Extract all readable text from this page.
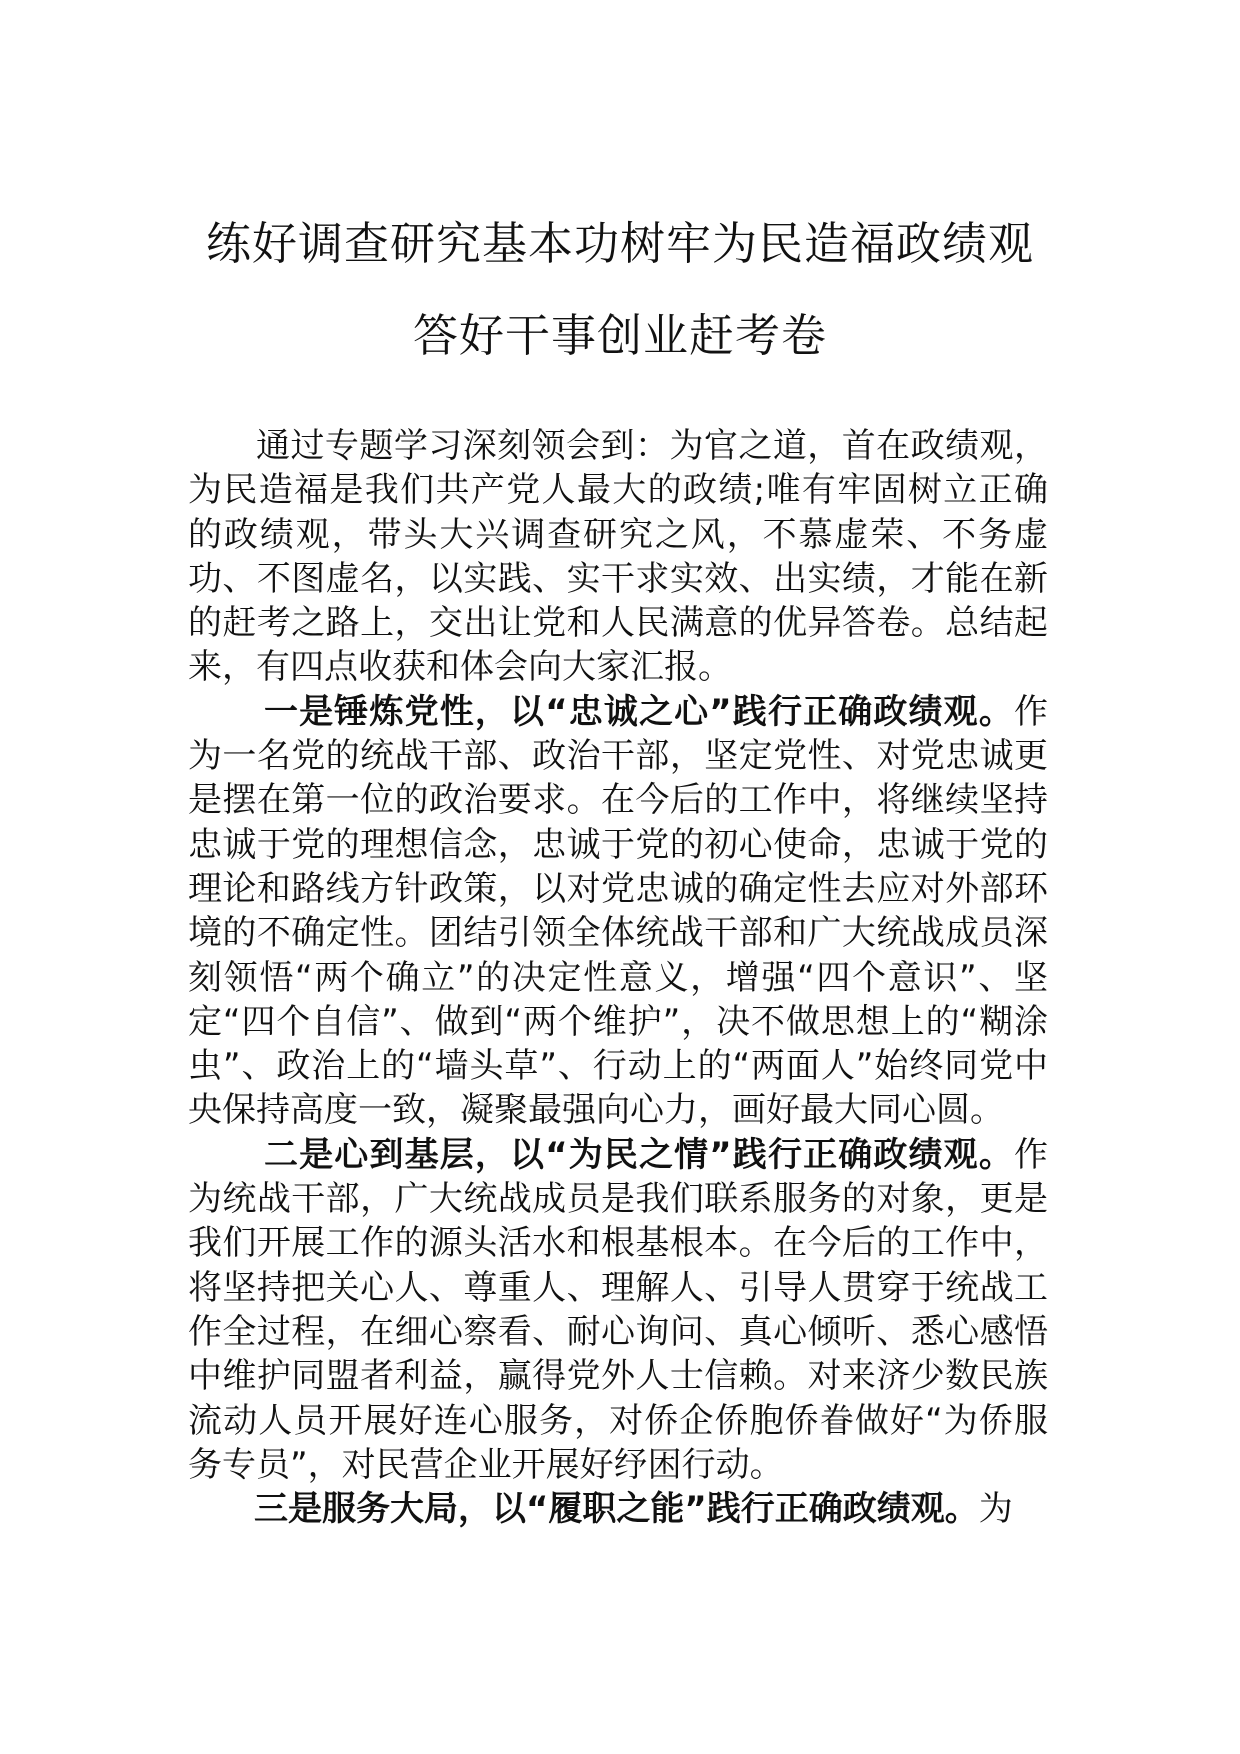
练好调查研究基本功树牢为民造福政绩观
答好干事创业赶考卷

通过专题学习深刻领会到：为官之道，首在政绩观，为民造福是我们共产党人最大的政绩;唯有牢固树立正确的政绩观，带头大兴调查研究之风，不慕虚荣、不务虚功、不图虚名，以实践、实干求实效、出实绩，才能在新的赶考之路上，交出让党和人民满意的优异答卷。总结起来，有四点收获和体会向大家汇报。

一是锤炼党性，以“忠诚之心”践行正确政绩观。作为一名党的统战干部、政治干部，坚定党性、对党忠诚更是摆在第一位的政治要求。在今后的工作中，将继续坚持忠诚于党的理想信念，忠诚于党的初心使命，忠诚于党的理论和路线方针政策，以对党忠诚的确定性去应对外部环境的不确定性。团结引领全体统战干部和广大统战成员深刻领悟“两个确立”的决定性意义，增强“四个意识”、坚定“四个自信”、做到“两个维护”，决不做思想上的“糊涂虫”、政治上的“墙头草”、行动上的“两面人”始终同党中央保持高度一致，凝聚最强向心力，画好最大同心圆。

二是心到基层，以“为民之情”践行正确政绩观。作为统战干部，广大统战成员是我们联系服务的对象，更是我们开展工作的源头活水和根基根本。在今后的工作中，将坚持把关心人、尊重人、理解人、引导人贯穿于统战工作全过程，在细心察看、耐心询问、真心倾听、悉心感悟中维护同盟者利益，赢得党外人士信赖。对来济少数民族流动人员开展好连心服务，对侨企侨胞侨眷做好“为侨服务专员”，对民营企业开展好纾困行动。

三是服务大局，以“履职之能”践行正确政绩观。为
